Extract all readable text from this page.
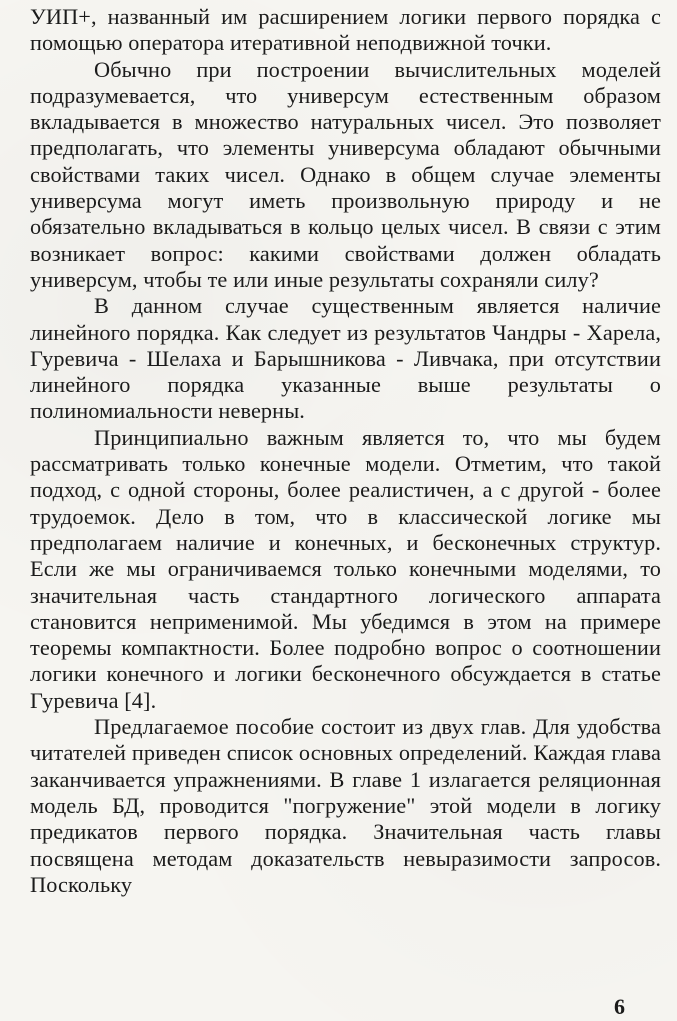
УИП+, названный им расширением логики первого порядка с помощью оператора итеративной неподвижной точки.

Обычно при построении вычислительных моделей подразумевается, что универсум естественным образом вкладывается в множество натуральных чисел. Это позволяет предполагать, что элементы универсума обладают обычными свойствами таких чисел. Однако в общем случае элементы универсума могут иметь произвольную природу и не обязательно вкладываться в кольцо целых чисел. В связи с этим возникает вопрос: какими свойствами должен обладать универсум, чтобы те или иные результаты сохраняли силу?

В данном случае существенным является наличие линейного порядка. Как следует из результатов Чандры - Харела, Гуревича - Шелаха и Барышникова - Ливчака, при отсутствии линейного порядка указанные выше результаты о полиномиальности неверны.

Принципиально важным является то, что мы будем рассматривать только конечные модели. Отметим, что такой подход, с одной стороны, более реалистичен, а с другой - более трудоемок. Дело в том, что в классической логике мы предполагаем наличие и конечных, и бесконечных структур. Если же мы ограничиваемся только конечными моделями, то значительная часть стандартного логического аппарата становится неприменимой. Мы убедимся в этом на примере теоремы компактности. Более подробно вопрос о соотношении логики конечного и логики бесконечного обсуждается в статье Гуревича [4].

Предлагаемое пособие состоит из двух глав. Для удобства читателей приведен список основных определений. Каждая глава заканчивается упражнениями. В главе 1 излагается реляционная модель БД, проводится "погружение" этой модели в логику предикатов первого порядка. Значительная часть главы посвящена методам доказательств невыразимости запросов. Поскольку

6
